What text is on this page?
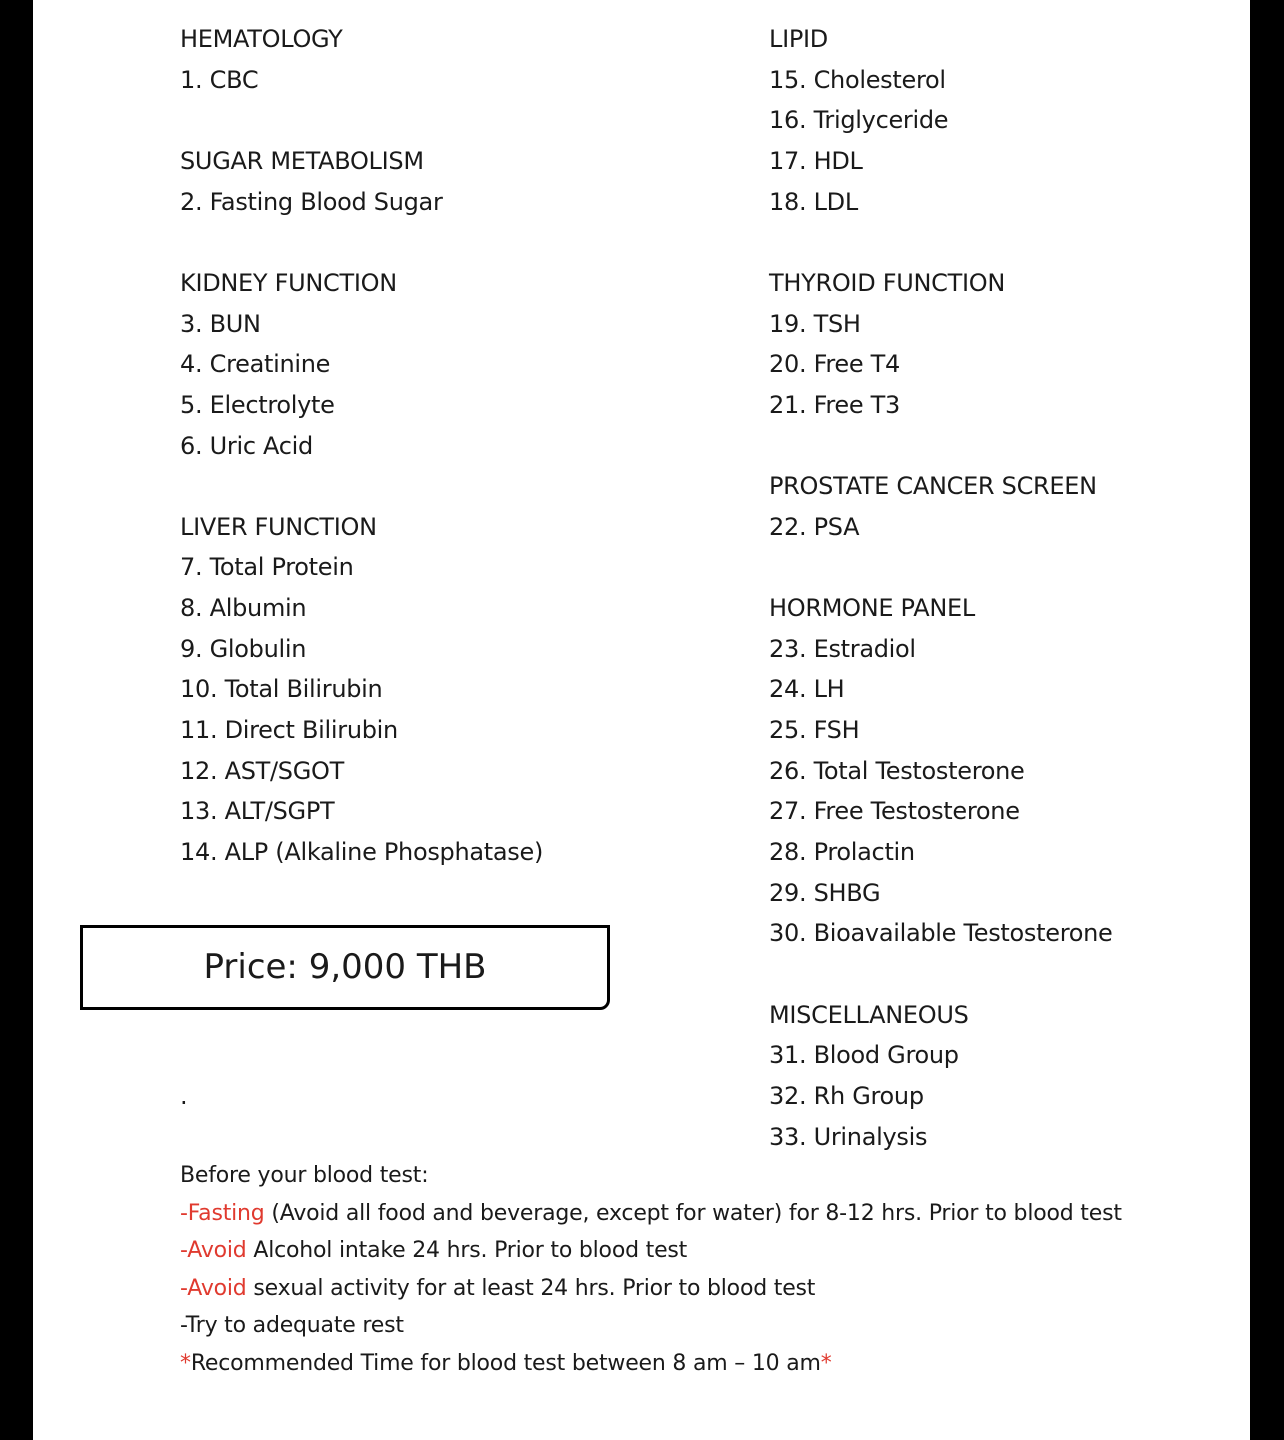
HEMATOLOGY
1. CBC
SUGAR METABOLISM
2. Fasting Blood Sugar
KIDNEY FUNCTION
3. BUN
4. Creatinine
5. Electrolyte
6. Uric Acid
LIVER FUNCTION
7. Total Protein
8. Albumin
9. Globulin
10. Total Bilirubin
11. Direct Bilirubin
12. AST/SGOT
13. ALT/SGPT
14. ALP (Alkaline Phosphatase)
LIPID
15. Cholesterol
16. Triglyceride
17. HDL
18. LDL
THYROID FUNCTION
19. TSH
20. Free T4
21. Free T3
PROSTATE CANCER SCREEN
22. PSA
HORMONE PANEL
23. Estradiol
24. LH
25. FSH
26. Total Testosterone
27. Free Testosterone
28. Prolactin
29. SHBG
30. Bioavailable Testosterone
MISCELLANEOUS
31. Blood Group
32. Rh Group
33. Urinalysis
Price: 9,000 THB
.
Before your blood test:
-Fasting (Avoid all food and beverage, except for water) for 8-12 hrs. Prior to blood test
-Avoid Alcohol intake 24 hrs. Prior to blood test
-Avoid sexual activity for at least 24 hrs. Prior to blood test
-Try to adequate rest
*Recommended Time for blood test between 8 am – 10 am*
